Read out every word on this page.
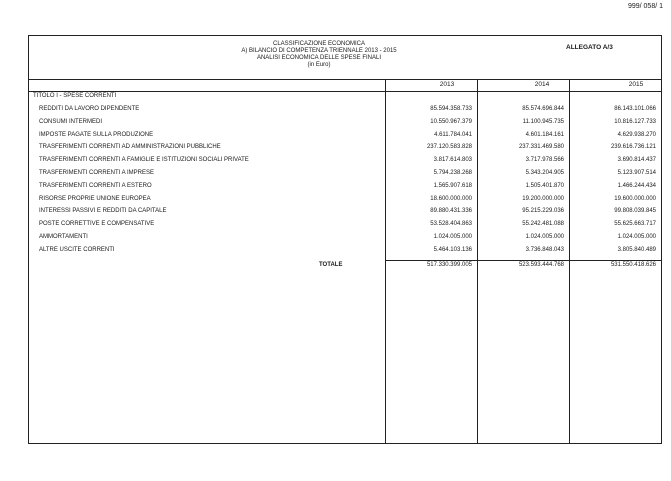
999/ 058/ 1
CLASSIFICAZIONE ECONOMICA
A) BILANCIO DI COMPETENZA TRIENNALE 2013 - 2015
ANALISI ECONOMICA DELLE SPESE FINALI
(in Euro)
ALLEGATO A/3
2013	2014	2015
TITOLO I - SPESE CORRENTI
REDDITI DA LAVORO DIPENDENTE	85.594.358.733	85.574.696.844	86.143.101.066
CONSUMI INTERMEDI	10.550.967.379	11.100.945.735	10.816.127.733
IMPOSTE PAGATE SULLA PRODUZIONE	4.611.784.041	4.601.184.161	4.629.938.270
TRASFERIMENTI CORRENTI AD AMMINISTRAZIONI PUBBLICHE	237.120.583.828	237.331.469.580	239.616.736.121
TRASFERIMENTI CORRENTI A FAMIGLIE E ISTITUZIONI SOCIALI PRIVATE	3.817.614.803	3.717.978.566	3.690.814.437
TRASFERIMENTI CORRENTI A IMPRESE	5.794.238.268	5.343.204.905	5.123.907.514
TRASFERIMENTI CORRENTI A ESTERO	1.565.907.618	1.505.401.870	1.466.244.434
RISORSE PROPRIE UNIONE EUROPEA	18.600.000.000	19.200.000.000	19.600.000.000
INTERESSI PASSIVI E REDDITI DA CAPITALE	89.880.431.336	95.215.229.036	99.808.039.845
POSTE CORRETTIVE E COMPENSATIVE	53.528.404.863	55.242.481.088	55.625.663.717
AMMORTAMENTI	1.024.005.000	1.024.005.000	1.024.005.000
ALTRE USCITE CORRENTI	5.464.103.136	3.736.848.043	3.805.840.489
TOTALE	517.330.399.005	523.593.444.768	531.550.418.626
